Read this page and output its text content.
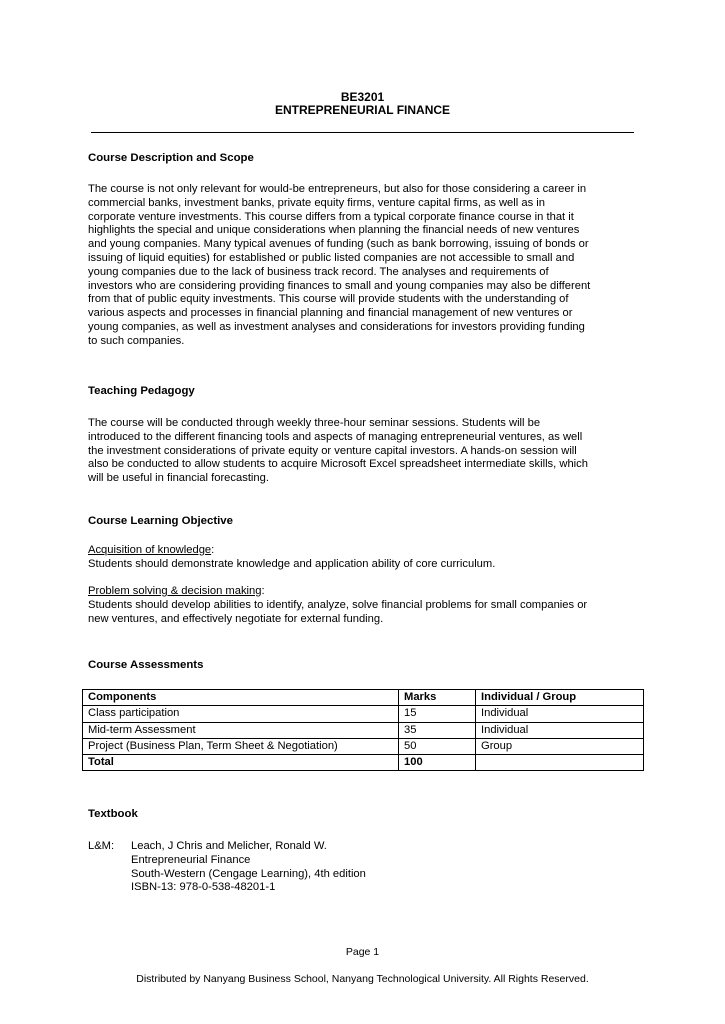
BE3201
ENTREPRENEURIAL FINANCE
Course Description and Scope
The course is not only relevant for would-be entrepreneurs, but also for those considering a career in
commercial banks, investment banks, private equity firms, venture capital firms, as well as in
corporate venture investments. This course differs from a typical corporate finance course in that it
highlights the special and unique considerations when planning the financial needs of new ventures
and young companies. Many typical avenues of funding (such as bank borrowing, issuing of bonds or
issuing of liquid equities) for established or public listed companies are not accessible to small and
young companies due to the lack of business track record. The analyses and requirements of
investors who are considering providing finances to small and young companies may also be different
from that of public equity investments. This course will provide students with the understanding of
various aspects and processes in financial planning and financial management of new ventures or
young companies, as well as investment analyses and considerations for investors providing funding
to such companies.
Teaching Pedagogy
The course will be conducted through weekly three-hour seminar sessions. Students will be
introduced to the different financing tools and aspects of managing entrepreneurial ventures, as well
the investment considerations of private equity or venture capital investors. A hands-on session will
also be conducted to allow students to acquire Microsoft Excel spreadsheet intermediate skills, which
will be useful in financial forecasting.
Course Learning Objective
Acquisition of knowledge:
Students should demonstrate knowledge and application ability of core curriculum.
Problem solving & decision making:
Students should develop abilities to identify, analyze, solve financial problems for small companies or
new ventures, and effectively negotiate for external funding.
Course Assessments
Components	Marks	Individual / Group
Class participation	15	Individual
Mid-term Assessment	35	Individual
Project (Business Plan, Term Sheet & Negotiation)	50	Group
Total	100	
Textbook
L&M: Leach, J Chris and Melicher, Ronald W.
Entrepreneurial Finance
South-Western (Cengage Learning), 4th edition
ISBN-13: 978-0-538-48201-1
Page 1
Distributed by Nanyang Business School, Nanyang Technological University. All Rights Reserved.
